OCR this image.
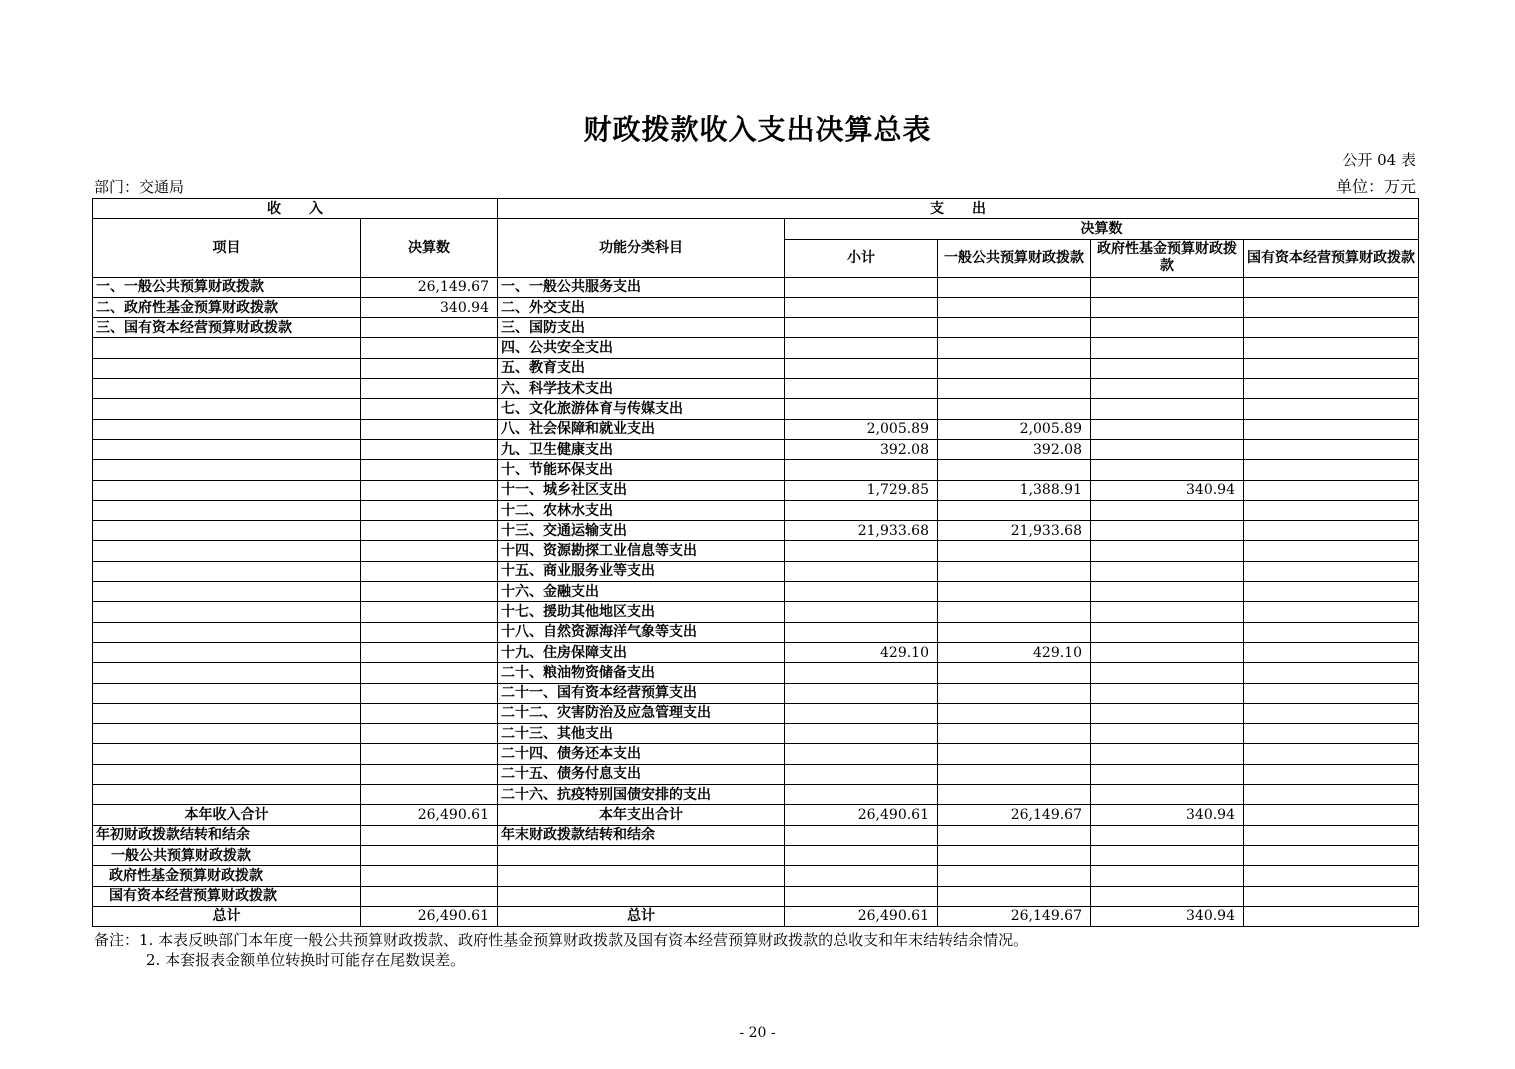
财政拨款收入支出决算总表
公开 04 表
部门：交通局	单位：万元
收　　入		支　　出				
项目	决算数	功能分类科目	决算数			
			小计	一般公共预算财政拨款	政府性基金预算财政拨款	国有资本经营预算财政拨款
一、一般公共预算财政拨款	26,149.67	一、一般公共服务支出				
二、政府性基金预算财政拨款	340.94	二、外交支出				
三、国有资本经营预算财政拨款		三、国防支出				
		四、公共安全支出				
		五、教育支出				
		六、科学技术支出				
		七、文化旅游体育与传媒支出				
		八、社会保障和就业支出	2,005.89	2,005.89		
		九、卫生健康支出	392.08	392.08		
		十、节能环保支出				
		十一、城乡社区支出	1,729.85	1,388.91	340.94	
		十二、农林水支出				
		十三、交通运输支出	21,933.68	21,933.68		
		十四、资源勘探工业信息等支出				
		十五、商业服务业等支出				
		十六、金融支出				
		十七、援助其他地区支出				
		十八、自然资源海洋气象等支出				
		十九、住房保障支出	429.10	429.10		
		二十、粮油物资储备支出				
		二十一、国有资本经营预算支出				
		二十二、灾害防治及应急管理支出				
		二十三、其他支出				
		二十四、债务还本支出				
		二十五、债务付息支出				
		二十六、抗疫特别国债安排的支出				
本年收入合计	26,490.61	本年支出合计	26,490.61	26,149.67	340.94	
年初财政拨款结转和结余		年末财政拨款结转和结余				
一般公共预算财政拨款						
政府性基金预算财政拨款						
国有资本经营预算财政拨款						
总计	26,490.61	总计	26,490.61	26,149.67	340.94	
备注：1. 本表反映部门本年度一般公共预算财政拨款、政府性基金预算财政拨款及国有资本经营预算财政拨款的总收支和年末结转结余情况。
2. 本套报表金额单位转换时可能存在尾数误差。
- 20 -
